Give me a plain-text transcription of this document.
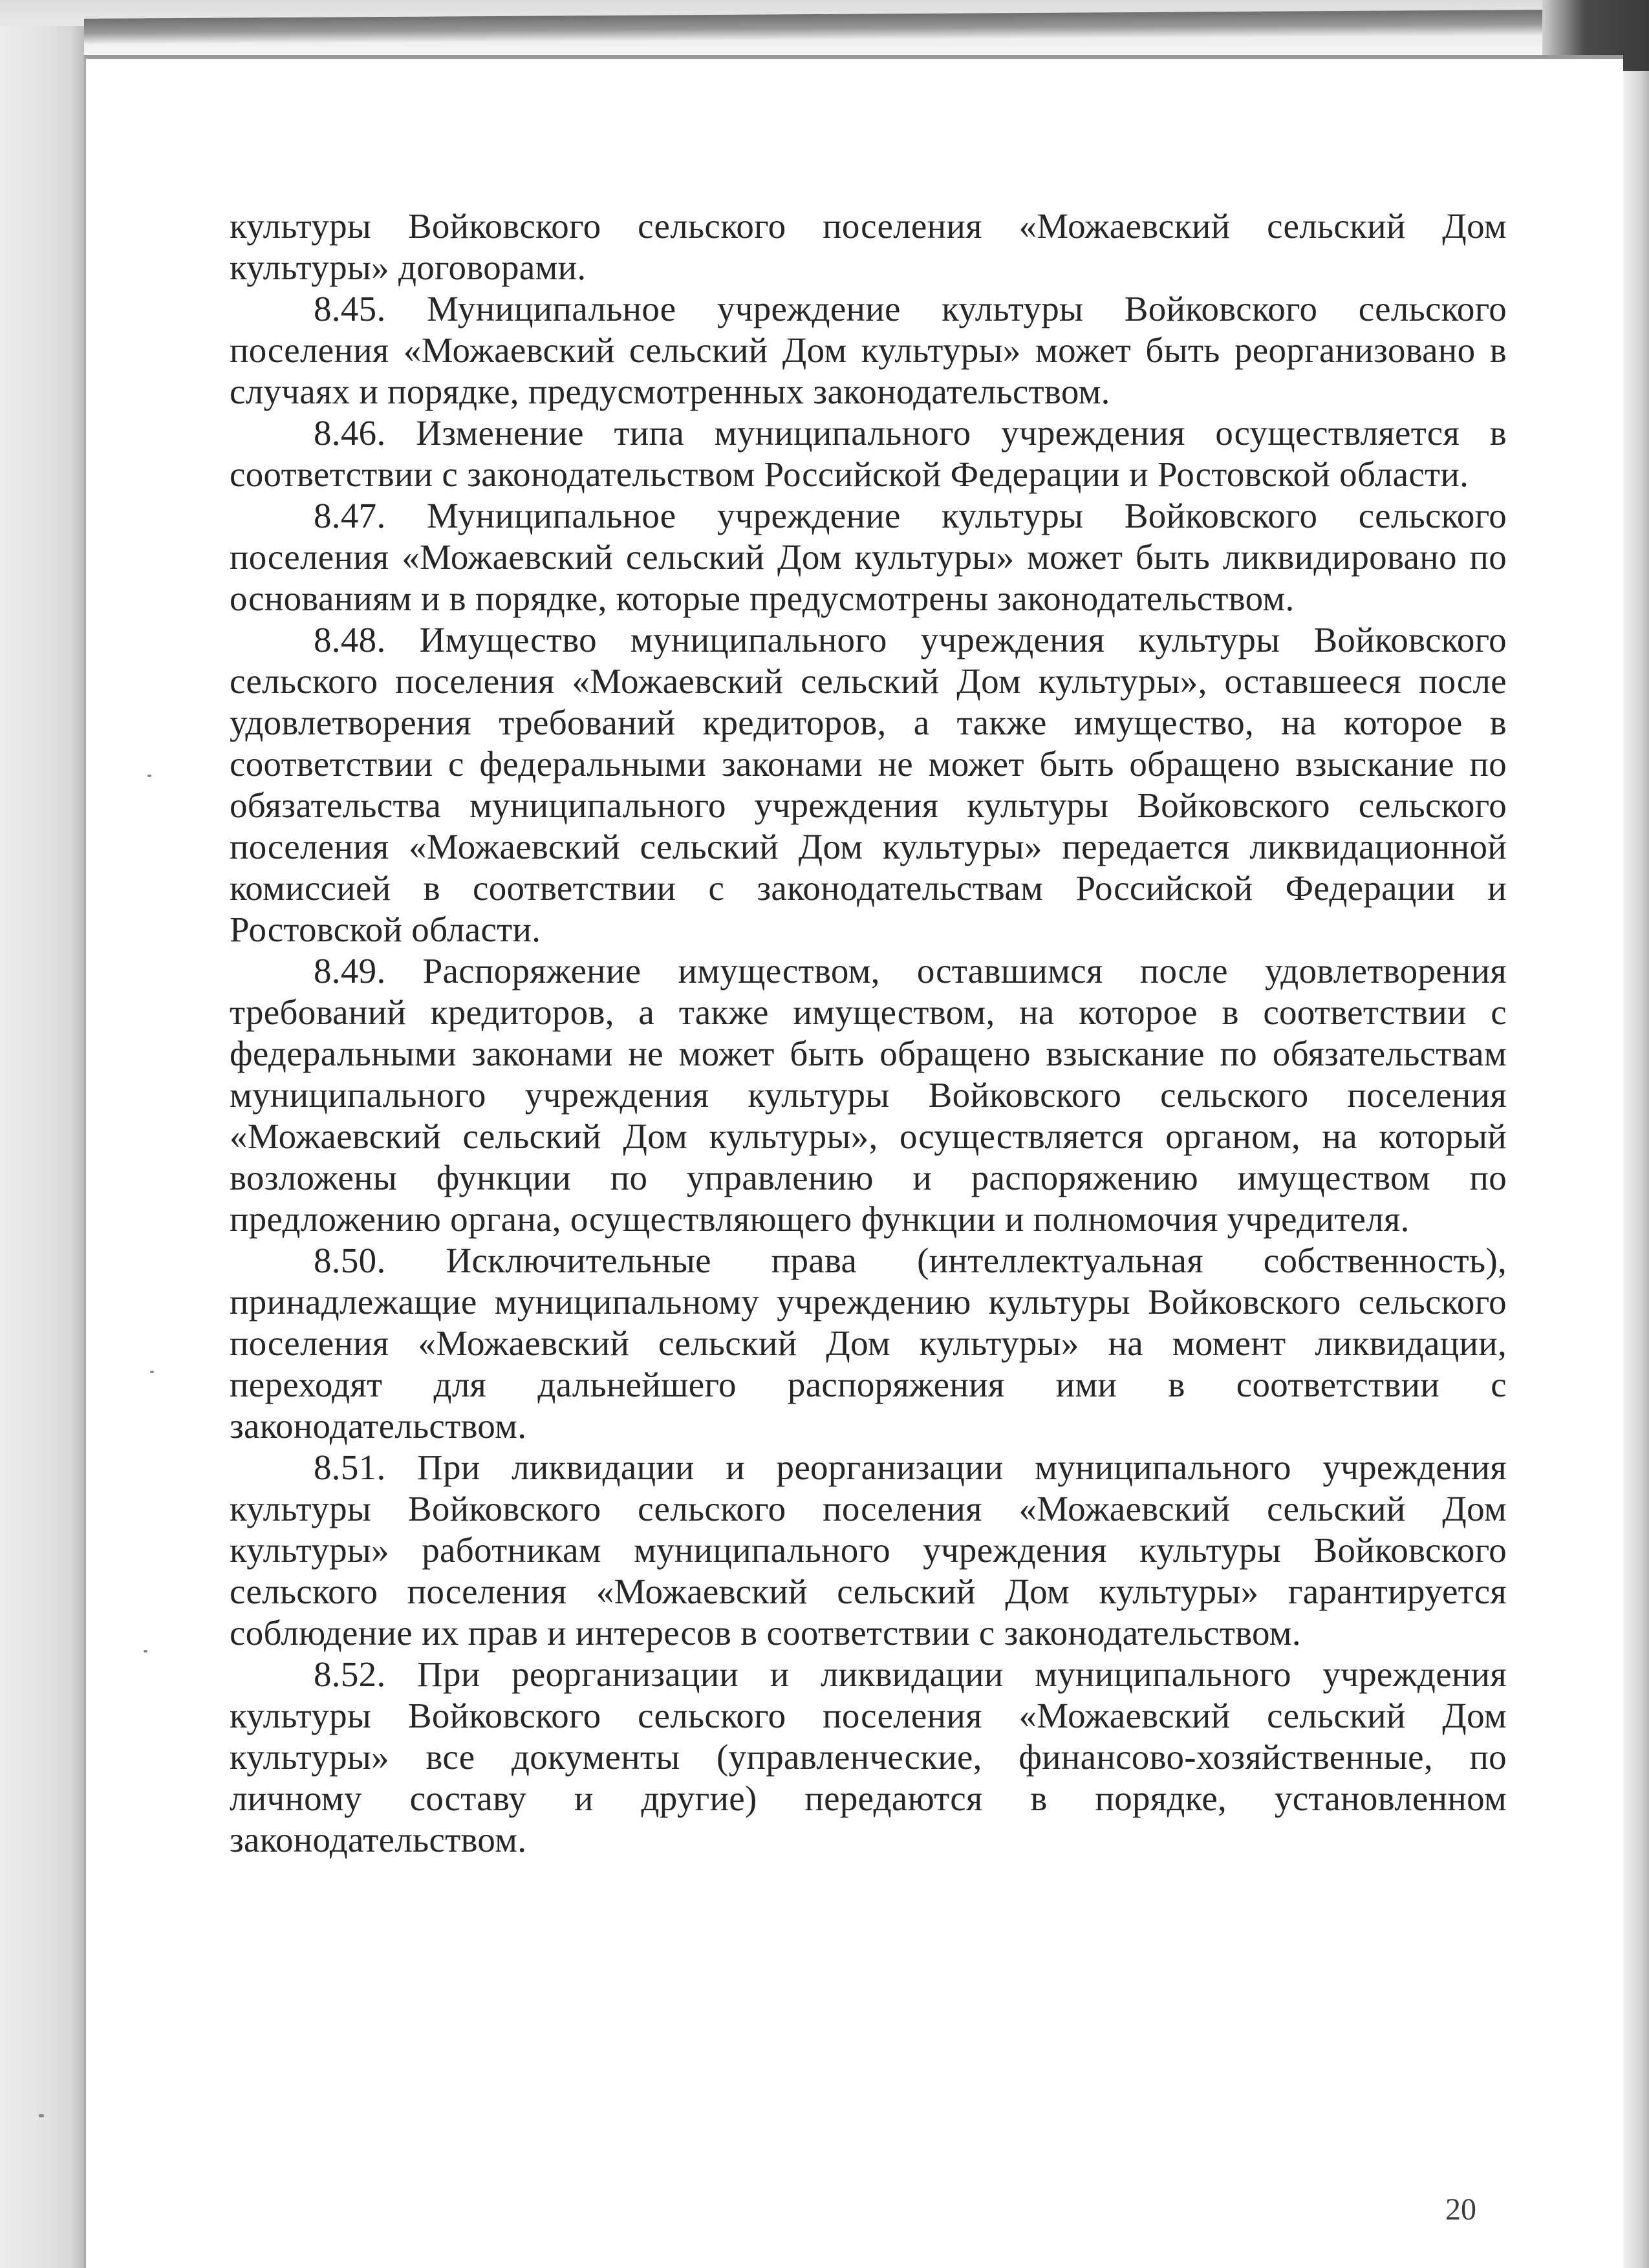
культуры Войковского сельского поселения «Можаевский сельский Дом культуры» договорами.

8.45. Муниципальное учреждение культуры Войковского сельского поселения «Можаевский сельский Дом культуры» может быть реорганизовано в случаях и порядке, предусмотренных законодательством.

8.46. Изменение типа муниципального учреждения осуществляется в соответствии с законодательством Российской Федерации и Ростовской области.

8.47. Муниципальное учреждение культуры Войковского сельского поселения «Можаевский сельский Дом культуры» может быть ликвидировано по основаниям и в порядке, которые предусмотрены законодательством.

8.48. Имущество муниципального учреждения культуры Войковского сельского поселения «Можаевский сельский Дом культуры», оставшееся после удовлетворения требований кредиторов, а также имущество, на которое в соответствии с федеральными законами не может быть обращено взыскание по обязательства муниципального учреждения культуры Войковского сельского поселения «Можаевский сельский Дом культуры» передается ликвидационной комиссией в соответствии с законодательствам Российской Федерации и Ростовской области.

8.49. Распоряжение имуществом, оставшимся после удовлетворения требований кредиторов, а также имуществом, на которое в соответствии с федеральными законами не может быть обращено взыскание по обязательствам муниципального учреждения культуры Войковского сельского поселения «Можаевский сельский Дом культуры», осуществляется органом, на который возложены функции по управлению и распоряжению имуществом по предложению органа, осуществляющего функции и полномочия учредителя.

8.50. Исключительные права (интеллектуальная собственность), принадлежащие муниципальному учреждению культуры Войковского сельского поселения «Можаевский сельский Дом культуры» на момент ликвидации, переходят для дальнейшего распоряжения ими в соответствии с законодательством.

8.51. При ликвидации и реорганизации муниципального учреждения культуры Войковского сельского поселения «Можаевский сельский Дом культуры» работникам муниципального учреждения культуры Войковского сельского поселения «Можаевский сельский Дом культуры» гарантируется соблюдение их прав и интересов в соответствии с законодательством.

8.52. При реорганизации и ликвидации муниципального учреждения культуры Войковского сельского поселения «Можаевский сельский Дом культуры» все документы (управленческие, финансово-хозяйственные, по личному составу и другие) передаются в порядке, установленном законодательством.

20
